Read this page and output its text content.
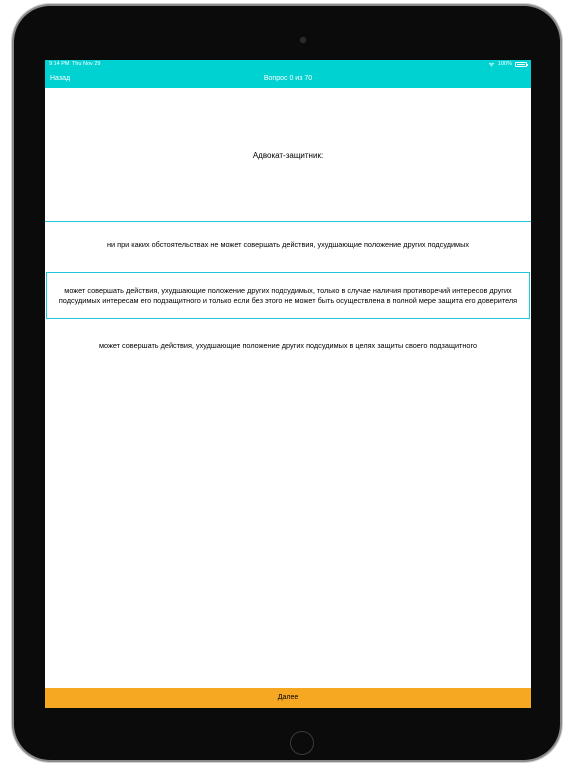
9:14 PM Thu Nov 29	100%
Назад	Вопрос 0 из 70
Адвокат-защитник:
ни при каких обстоятельствах не может совершать действия, ухудшающие положение других подсудимых
может совершать действия, ухудшающие положение других подсудимых, только в случае наличия противоречий интересов других подсудимых интересам его подзащитного и только если без этого не может быть осуществлена в полной мере защита его доверителя
может совершать действия, ухудшающие положение других подсудимых в целях защиты своего подзащитного
Далее
